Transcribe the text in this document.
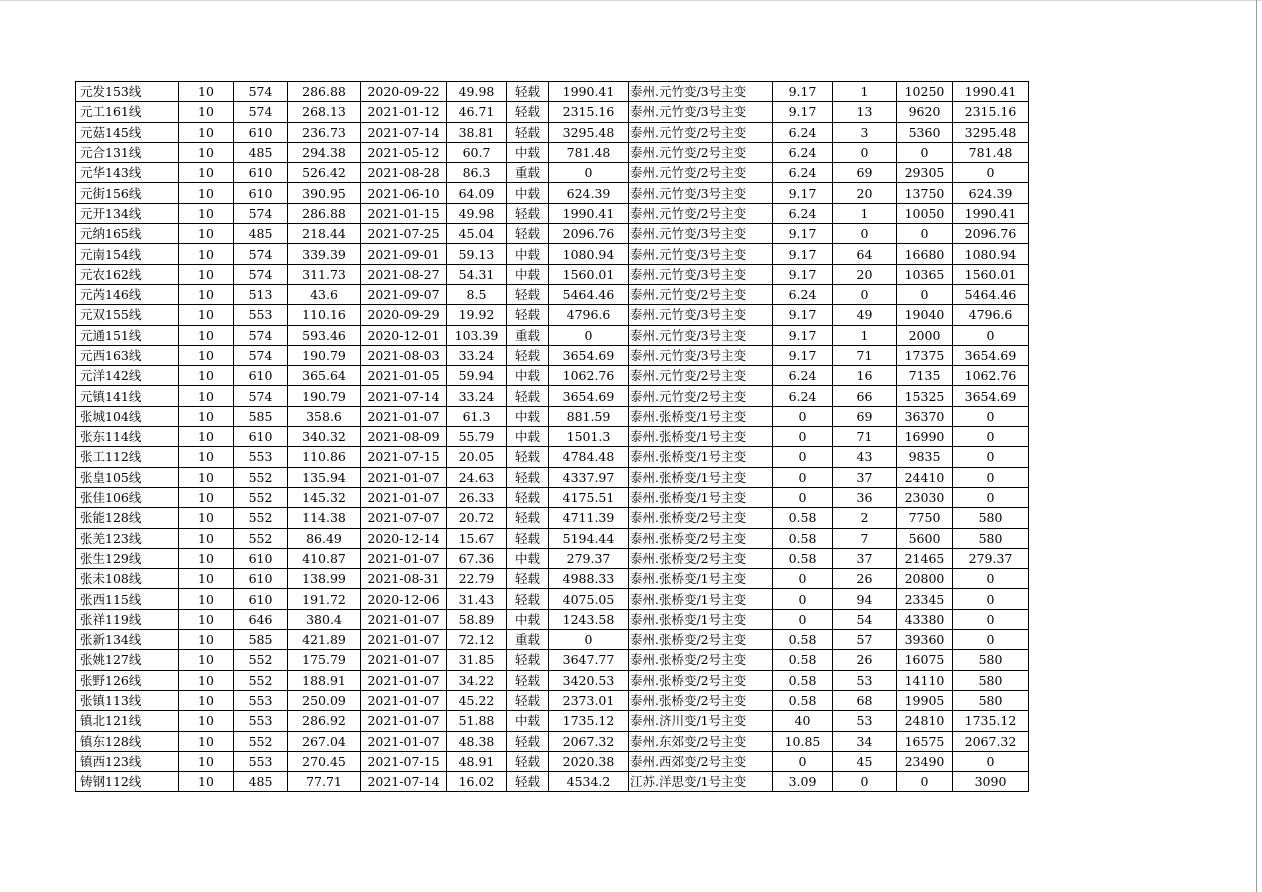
元发153线	10	574	286.88	2020-09-22	49.98	轻载	1990.41	泰州.元竹变/3号主变	9.17	1	10250	1990.41
元工161线	10	574	268.13	2021-01-12	46.71	轻载	2315.16	泰州.元竹变/3号主变	9.17	13	9620	2315.16
元菇145线	10	610	236.73	2021-07-14	38.81	轻载	3295.48	泰州.元竹变/2号主变	6.24	3	5360	3295.48
元合131线	10	485	294.38	2021-05-12	60.7	中载	781.48	泰州.元竹变/2号主变	6.24	0	0	781.48
元华143线	10	610	526.42	2021-08-28	86.3	重载	0	泰州.元竹变/2号主变	6.24	69	29305	0
元街156线	10	610	390.95	2021-06-10	64.09	中载	624.39	泰州.元竹变/3号主变	9.17	20	13750	624.39
元开134线	10	574	286.88	2021-01-15	49.98	轻载	1990.41	泰州.元竹变/2号主变	6.24	1	10050	1990.41
元纳165线	10	485	218.44	2021-07-25	45.04	轻载	2096.76	泰州.元竹变/3号主变	9.17	0	0	2096.76
元南154线	10	574	339.39	2021-09-01	59.13	中载	1080.94	泰州.元竹变/3号主变	9.17	64	16680	1080.94
元农162线	10	574	311.73	2021-08-27	54.31	中载	1560.01	泰州.元竹变/3号主变	9.17	20	10365	1560.01
元芮146线	10	513	43.6	2021-09-07	8.5	轻载	5464.46	泰州.元竹变/2号主变	6.24	0	0	5464.46
元双155线	10	553	110.16	2020-09-29	19.92	轻载	4796.6	泰州.元竹变/3号主变	9.17	49	19040	4796.6
元通151线	10	574	593.46	2020-12-01	103.39	重载	0	泰州.元竹变/3号主变	9.17	1	2000	0
元西163线	10	574	190.79	2021-08-03	33.24	轻载	3654.69	泰州.元竹变/3号主变	9.17	71	17375	3654.69
元洋142线	10	610	365.64	2021-01-05	59.94	中载	1062.76	泰州.元竹变/2号主变	6.24	16	7135	1062.76
元镇141线	10	574	190.79	2021-07-14	33.24	轻载	3654.69	泰州.元竹变/2号主变	6.24	66	15325	3654.69
张城104线	10	585	358.6	2021-01-07	61.3	中载	881.59	泰州.张桥变/1号主变	0	69	36370	0
张东114线	10	610	340.32	2021-08-09	55.79	中载	1501.3	泰州.张桥变/1号主变	0	71	16990	0
张工112线	10	553	110.86	2021-07-15	20.05	轻载	4784.48	泰州.张桥变/1号主变	0	43	9835	0
张皇105线	10	552	135.94	2021-01-07	24.63	轻载	4337.97	泰州.张桥变/1号主变	0	37	24410	0
张佳106线	10	552	145.32	2021-01-07	26.33	轻载	4175.51	泰州.张桥变/1号主变	0	36	23030	0
张能128线	10	552	114.38	2021-07-07	20.72	轻载	4711.39	泰州.张桥变/2号主变	0.58	2	7750	580
张羌123线	10	552	86.49	2020-12-14	15.67	轻载	5194.44	泰州.张桥变/2号主变	0.58	7	5600	580
张生129线	10	610	410.87	2021-01-07	67.36	中载	279.37	泰州.张桥变/2号主变	0.58	37	21465	279.37
张未108线	10	610	138.99	2021-08-31	22.79	轻载	4988.33	泰州.张桥变/1号主变	0	26	20800	0
张西115线	10	610	191.72	2020-12-06	31.43	轻载	4075.05	泰州.张桥变/1号主变	0	94	23345	0
张祥119线	10	646	380.4	2021-01-07	58.89	中载	1243.58	泰州.张桥变/1号主变	0	54	43380	0
张新134线	10	585	421.89	2021-01-07	72.12	重载	0	泰州.张桥变/2号主变	0.58	57	39360	0
张姚127线	10	552	175.79	2021-01-07	31.85	轻载	3647.77	泰州.张桥变/2号主变	0.58	26	16075	580
张野126线	10	552	188.91	2021-01-07	34.22	轻载	3420.53	泰州.张桥变/2号主变	0.58	53	14110	580
张镇113线	10	553	250.09	2021-01-07	45.22	轻载	2373.01	泰州.张桥变/2号主变	0.58	68	19905	580
镇北121线	10	553	286.92	2021-01-07	51.88	中载	1735.12	泰州.济川变/1号主变	40	53	24810	1735.12
镇东128线	10	552	267.04	2021-01-07	48.38	轻载	2067.32	泰州.东郊变/2号主变	10.85	34	16575	2067.32
镇西123线	10	553	270.45	2021-07-15	48.91	轻载	2020.38	泰州.西郊变/2号主变	0	45	23490	0
铸钢112线	10	485	77.71	2021-07-14	16.02	轻载	4534.2	江苏.洋思变/1号主变	3.09	0	0	3090
